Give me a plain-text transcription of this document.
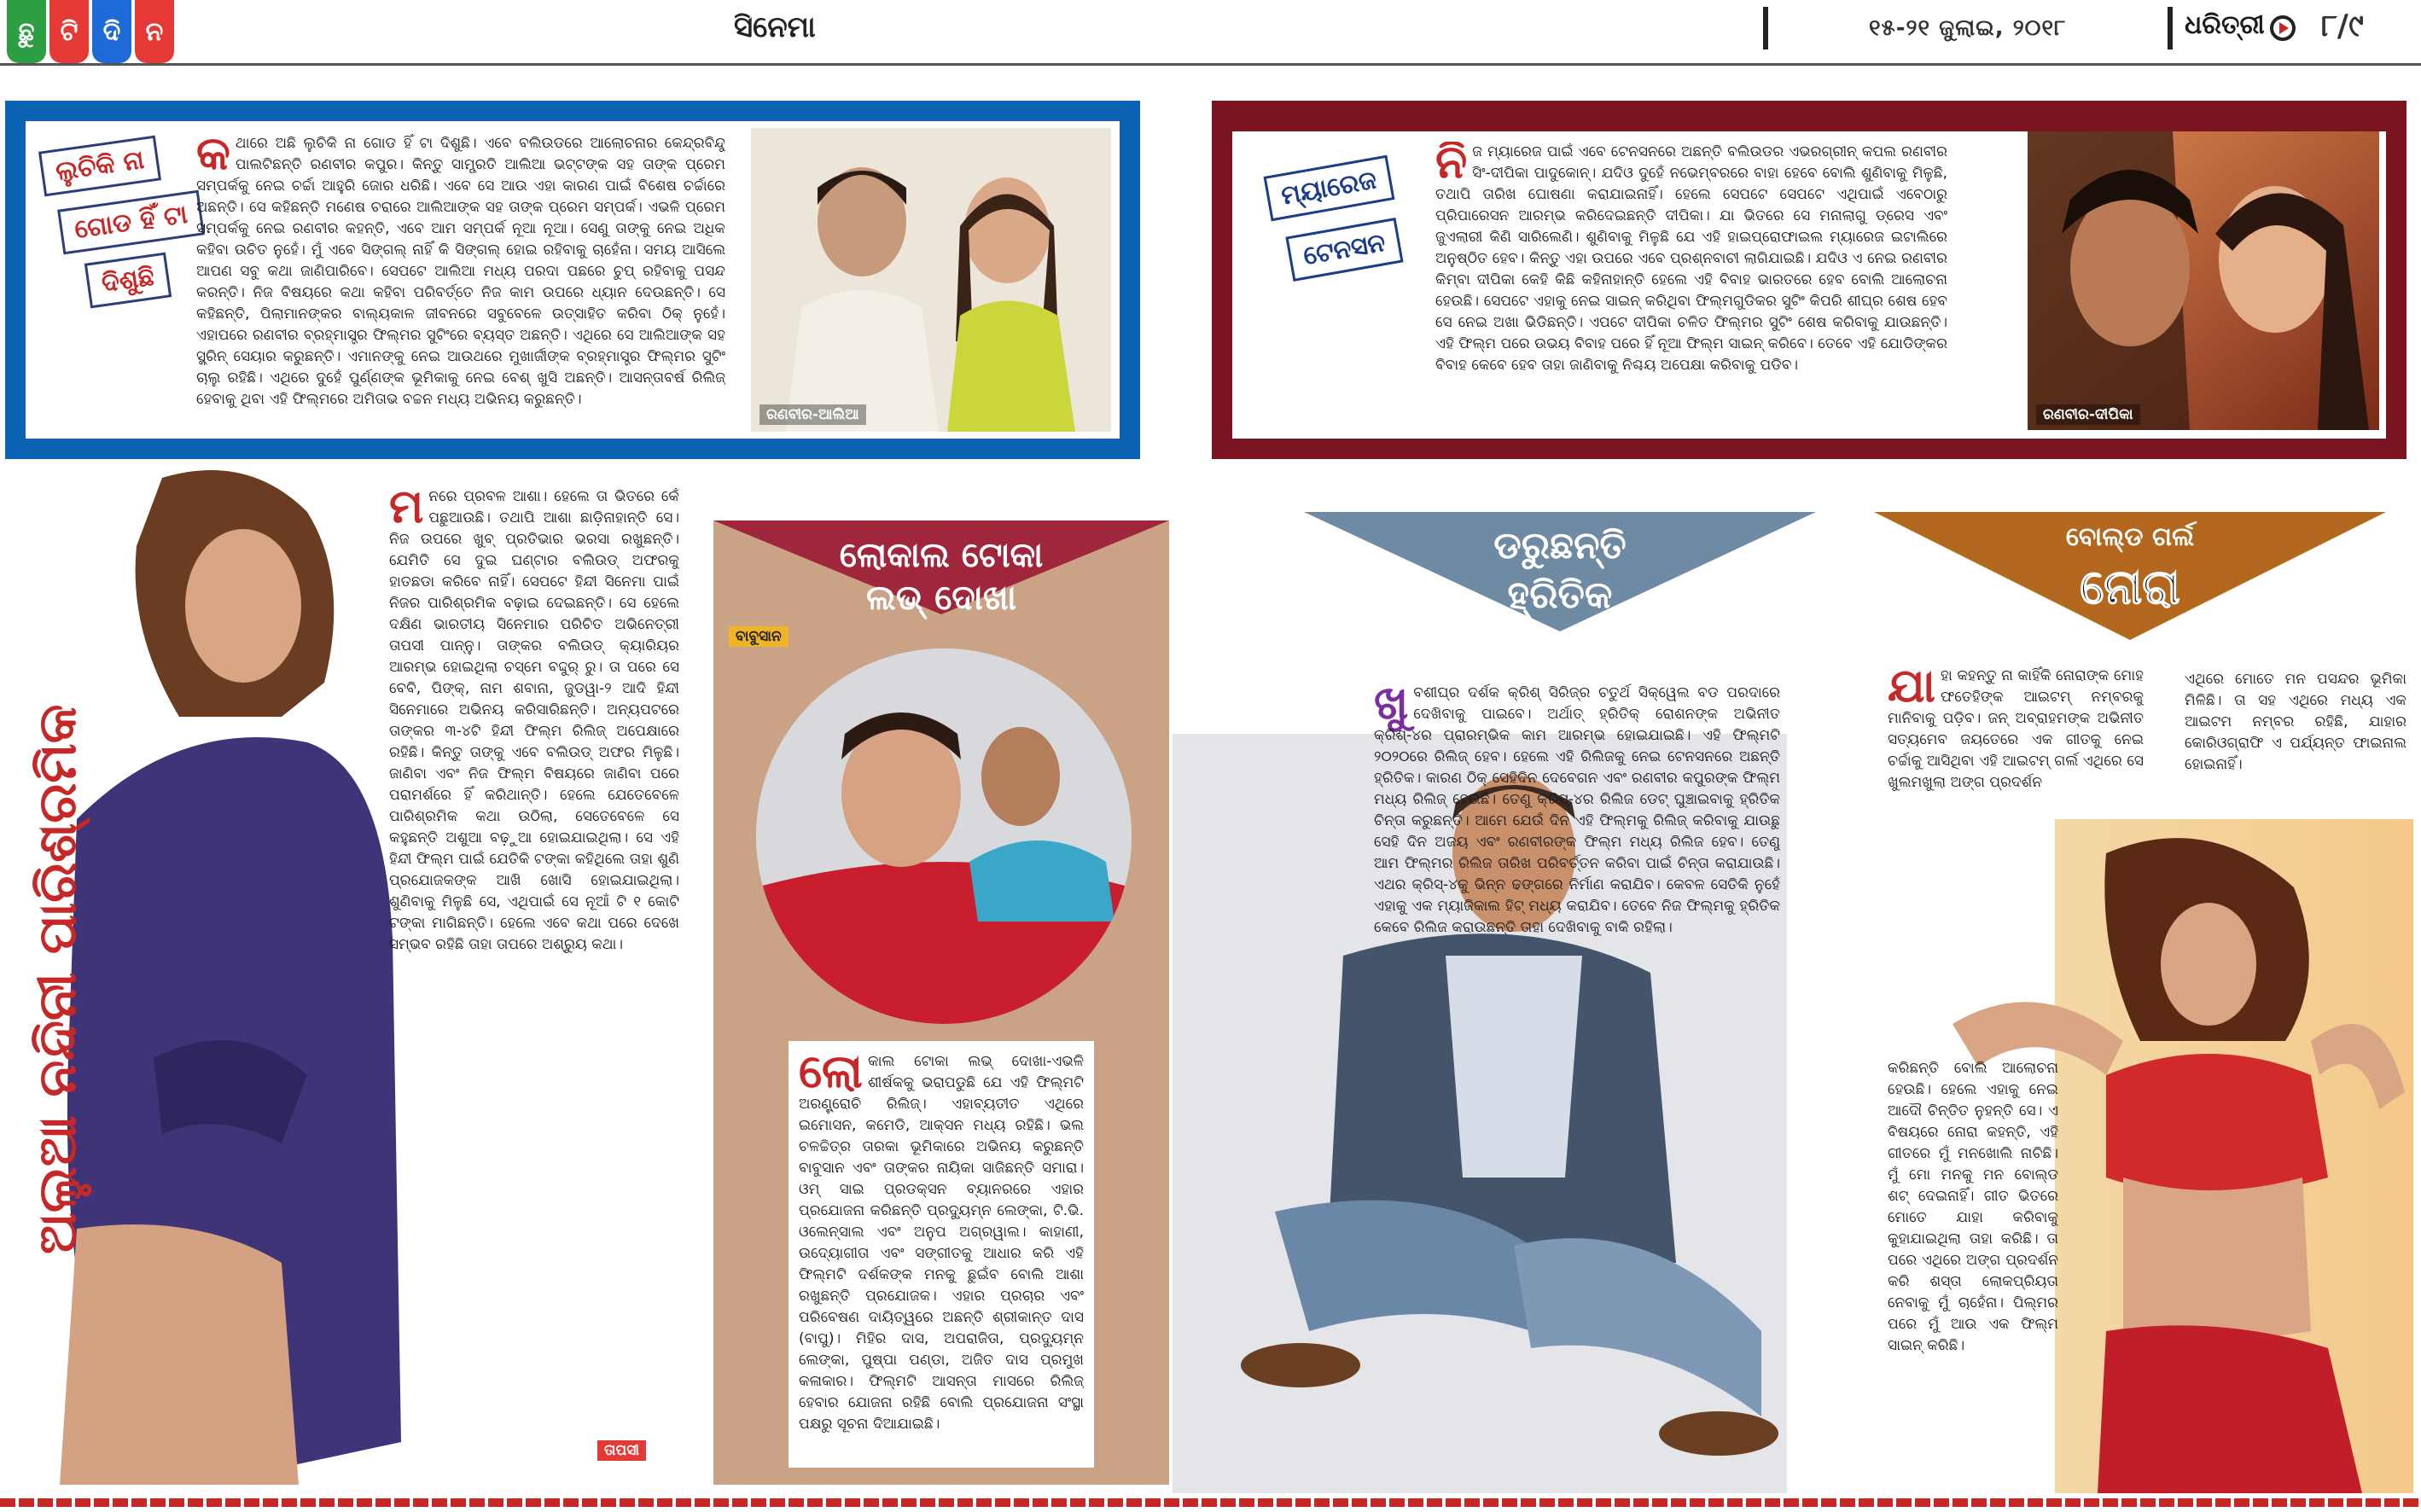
ଛୁ	ଟି ଦି ନ	ସିନେମା	୧୫-୨୧ ଜୁଲାଇ, ୨୦୧୮	ଧରିତ୍ରୀ ୮/୯
ଲୁଚିକି ନା
ଗୋଡ ହିଁ ଟା
ଦିଶୁଛି
କ ଥାରେ ଅଛି ଲୁଚିକି ନା ଗୋଡ ହିଁ ଟା ଦିଶୁଛି। ଏବେ ବଲିଉଡରେ ଆଲୋଚନାର କେନ୍ଦ୍ରବିନ୍ଦୁ ପାଲଟିଛନ୍ତି ରଣବୀର କପୁର। କିନ୍ତୁ ସାମ୍ପ୍ରତି ଆଲିଆ ଭଟ୍ଟଙ୍କ ସହ ତାଙ୍କ ପ୍ରେମ ସମ୍ପର୍କକୁ ନେଇ ଚର୍ଚ୍ଚା ଆହୁରି ଜୋର ଧରିଛି। ଏବେ ସେ ଆଉ ଏହା କାରଣ ପାଇଁ ବିଶେଷ ଚର୍ଚ୍ଚାରେ ଅଛନ୍ତି। ସେ କହିଛନ୍ତି ମଣେଷ ଚରାରେ ଆଲିଆଙ୍କ ସହ ତାଙ୍କ ପ୍ରେମ ସମ୍ପର୍କ। ଏଭଳି ପ୍ରେମ ସମ୍ପର୍କକୁ ନେଇ ରଣବୀର କହନ୍ତି, ଏବେ ଆମ ସମ୍ପର୍କ ନୂଆ ନୂଆ। ସେଣୁ ତାଙ୍କୁ ନେଇ ଅଧିକ କହିବା ଉଚିତ ନୁହେଁ। ମୁଁ ଏବେ ସିଙ୍ଗଲ୍ ନାହିଁ କି ସିଙ୍ଗଲ୍ ହୋଇ ରହିବାକୁ ଚାହେଁନା। ସମୟ ଆସିଲେ ଆପଣ ସବୁ କଥା ଜାଣିପାରିବେ। ସେପଟେ ଆଲିଆ ମଧ୍ୟ ପରଦା ପଛରେ ଚୁପ୍ ରହିବାକୁ ପସନ୍ଦ କରନ୍ତି। ନିଜ ବିଷୟରେ କଥା କହିବା ପରିବର୍ତ୍ତେ ନିଜ କାମ ଉପରେ ଧ୍ୟାନ ଦେଉଛନ୍ତି। ସେ କହିଛନ୍ତି, ପିଲାମାନଙ୍କର ବାଲ୍ୟକାଳ ଜୀବନରେ ସବୁବେଳେ ଉତ୍ସାହିତ କରିବା ଠିକ୍ ନୁହେଁ। ଏହାପରେ ରଣବୀର ବ୍ରହ୍ମାସ୍ତ୍ର ଫିଲ୍ମର ସୁଟିଂରେ ବ୍ୟସ୍ତ ଅଛନ୍ତି। ଏଥିରେ ସେ ଆଲିଆଙ୍କ ସହ ସ୍କ୍ରିନ୍ ସେୟାର କରୁଛନ୍ତି। ଏମାନଙ୍କୁ ନେଇ ଆଉଥରେ ମୁଖାର୍ଜୀଙ୍କ ବ୍ରହ୍ମାସ୍ତ୍ର ଫିଲ୍ମର ସୁଟିଂ ଚାଲୁ ରହିଛି। ଏଥିରେ ଦୁହେଁ ପୁର୍ଣ୍ଣଙ୍କ ଭୂମିକାକୁ ନେଇ ବେଶ୍ ଖୁସି ଅଛନ୍ତି। ଆସନ୍ତାବର୍ଷ ରିଲିଜ୍ ହେବାକୁ ଥିବା ଏହି ଫିଲ୍ମରେ ଅମିତାଭ ବଚ୍ଚନ ମଧ୍ୟ ଅଭିନୟ କରୁଛନ୍ତି।
ରଣବୀର-ଆଲିଆ
ମ୍ୟାରେଜ
ଟେନସନ
ନି ଜ ମ୍ୟାରେଜ ପାଇଁ ଏବେ ଟେନସନରେ ଅଛନ୍ତି ବଲିଉଡର ଏଭରଗ୍ରୀନ୍ କପଲ ରଣବୀର ସିଂ-ଦୀପିକା ପାଦୁକୋନ୍। ଯଦିଓ ଦୁହେଁ ନଭେମ୍ବରରେ ବାହା ହେବେ ବୋଲି ଶୁଣିବାକୁ ମିଳୁଛି, ତଥାପି ତାରିଖ ଘୋଷଣା କରାଯାଇନାହିଁ। ହେଲେ ସେପଟେ ସେପଟେ ଏଥିପାଇଁ ଏବେଠାରୁ ପ୍ରିପାରେସନ ଆରମ୍ଭ କରିଦେଇଛନ୍ତି ଦୀପିକା। ଯା ଭିତରେ ସେ ମନାଲାଗୁ ଡ୍ରେସ ଏବଂ ଜୁଏଲାରୀ କିଣି ସାରିଲେଣି। ଶୁଣିବାକୁ ମିଳୁଛି ଯେ ଏହି ହାଇପ୍ରୋଫାଇଲ ମ୍ୟାରେଜ ଇଟାଲିରେ ଅନୁଷ୍ଠିତ ହେବ। କିନ୍ତୁ ଏହା ଉପରେ ଏବେ ପ୍ରଶ୍ନବାଚୀ ଲାଗିଯାଇଛି। ଯଦିଓ ଏ ନେଇ ରଣବୀର କିମ୍ବା ଦୀପିକା କେହି କିଛି କହିନାହାନ୍ତି ହେଲେ ଏହି ବିବାହ ଭାରତରେ ହେବ ବୋଲି ଆଲୋଚନା ହେଉଛି। ସେପଟେ ଏହାକୁ ନେଇ ସାଇନ୍ କରିଥିବା ଫିଲ୍ମଗୁଡିକର ସୁଟିଂ କିପରି ଶୀଘ୍ର ଶେଷ ହେବ ସେ ନେଇ ଅଖା ଭିଡିଛନ୍ତି। ଏପଟେ ଦୀପିକା ଚଳିତ ଫିଲ୍ମର ସୁଟିଂ ଶେଷ କରିବାକୁ ଯାଉଛନ୍ତି। ଏହି ଫିଲ୍ମ ପରେ ଉଭୟ ବିବାହ ପରେ ହିଁ ନୂଆ ଫିଲ୍ମ ସାଇନ୍ କରିବେ। ତେବେ ଏହି ଯୋଡିଙ୍କର ବିବାହ କେବେ ହେବ ତାହା ଜାଣିବାକୁ ନିଶ୍ଚୟ ଅପେକ୍ଷା କରିବାକୁ ପଡିବ।
ରଣବୀର-ଦୀପିକା
ଅଲୁଆ ନନ୍ଦିନୀ ପାରିଶ୍ରମିକ
ମ ନରେ ପ୍ରବଳ ଆଶା। ହେଲେ ତା ଭିତରେ କେଁ ପଛୁଆଉଛି। ତଥାପି ଆଶା ଛାଡ଼ିନାହାନ୍ତି ସେ। ନିଜ ଉପରେ ଖୁବ୍ ପ୍ରତିଭାର ଭରସା ରଖୁଛନ୍ତି। ଯେମିତି ସେ ଦୁଇ ଘଣ୍ଟାର ବଲିଉଡ୍ ଅଫରକୁ ହାତଛଡା କରିବେ ନାହିଁ। ସେପଟେ ହିନ୍ଦୀ ସିନେମା ପାଇଁ ନିଜର ପାରିଶ୍ରମିକ ବଢ଼ାଇ ଦେଇଛନ୍ତି। ସେ ହେଲେ ଦକ୍ଷିଣ ଭାରତୀୟ ସିନେମାର ପରିଚିତ ଅଭିନେତ୍ରୀ ତାପସୀ ପାନ୍ନୁ। ତାଙ୍କର ବଲିଉଡ୍ କ୍ୟାରିୟର ଆରମ୍ଭ ହୋଇଥିଲା ଚସ୍ମେ ବଦ୍ଦୁର୍ ରୁ। ତା ପରେ ସେ ବେବି, ପିଙ୍କ୍, ନାମ ଶବାନା, ଜୁଡୱା-୨ ଆଦି ହିନ୍ଦୀ ସିନେମାରେ ଅଭିନୟ କରିସାରିଛନ୍ତି। ଅନ୍ୟପଟରେ ତାଙ୍କର ୩-୪ଟି ହିନ୍ଦୀ ଫିଲ୍ମ ରିଲିଜ୍ ଅପେକ୍ଷାରେ ରହିଛି। କିନ୍ତୁ ତାଙ୍କୁ ଏବେ ବଲିଉଡ୍ ଅଫର ମିଳୁଛି। ଜାଣିବା ଏବଂ ନିଜ ଫିଲ୍ମ ବିଷୟରେ ଜାଣିବା ପରେ ପରାମର୍ଶରେ ହିଁ କରିଥାନ୍ତି। ହେଲେ ଯେତେବେଳେ ପାରିଶ୍ରମିକ କଥା ଉଠିଲା, ସେତେବେଳେ ସେ କହୁଛନ୍ତି ଅଶୁଆ ବଢ଼ୁଆ ହୋଇଯାଇଥିଲା। ସେ ଏହି ହିନ୍ଦୀ ଫିଲ୍ମ ପାଇଁ ଯେତିକି ଟଙ୍କା କହିଥିଲେ ତାହା ଶୁଣି ପ୍ରଯୋଜକଙ୍କ ଆଖି ଖୋସି ହୋଇଯାଇଥିଲା। ଶୁଣିବାକୁ ମିଳୁଛି ସେ, ଏଥିପାଇଁ ସେ ନୂଆଁ ଟି ୧ କୋଟି ଟଙ୍କା ମାଗିଛନ୍ତି। ହେଲେ ଏବେ କଥା ପରେ ଦେଖେ ସମ୍ଭବ ରହିଛି ତାହା ତାପରେ ଅଶ୍ରୁୟ କଥା।
ତାପସୀ
ଲୋକାଲ ଟୋକା
ଲଭ୍ ଦୋଖା
ବାବୁସାନ
ଲୋ କାଲ ଟୋକା ଲଭ୍ ଦୋଖା-ଏଭଳି ଶୀର୍ଷକକୁ ଭରାପଡୁଛି ଯେ ଏହି ଫିଲ୍ମଟି ଅରଣ୍ଟ୍ରୋଚି ରିଲିଜ୍। ଏହାବ୍ୟତୀତ ଏଥିରେ ଇମୋସନ, କମେଡି, ଆକ୍ସନ ମଧ୍ୟ ରହିଛି। ଭଲ ଚଳଚ୍ଚିତ୍ର ତାରକା ଭୂମିକାରେ ଅଭିନୟ କରୁଛନ୍ତି ବାବୁସାନ ଏବଂ ତାଙ୍କର ନାୟିକା ସାଜିଛନ୍ତି ସମାରା। ଓମ୍ ସାଇ ପ୍ରଡକ୍ସନ ବ୍ୟାନରରେ ଏହାର ପ୍ରଯୋଜନା କରିଛନ୍ତି ପ୍ରଦ୍ୟୁମ୍ନ ଲେଙ୍କା, ଟି.ଭି. ଓଲେନ୍ସାଲ ଏବଂ ଅନୁପ ଅଗ୍ରୱାଲ। କାହାଣୀ, ଉଦ୍ୟୋଗୀତା ଏବଂ ସଙ୍ଗୀତକୁ ଆଧାର କରି ଏହି ଫିଲ୍ମଟି ଦର୍ଶକଙ୍କ ମନକୁ ଛୁଇଁବ ବୋଲି ଆଶା ରଖୁଛନ୍ତି ପ୍ରଯୋଜକ। ଏହାର ପ୍ରଚାର ଏବଂ ପରିବେଷଣ ଦାୟିତ୍ୱରେ ଅଛନ୍ତି ଶ୍ରୀକାନ୍ତ ଦାସ (ବାପୁ)। ମିହିର ଦାସ, ଅପରାଜିତା, ପ୍ରଦ୍ୟୁମ୍ନ ଲେଙ୍କା, ପୁଷ୍ପା ପଣ୍ଡା, ଅଜିତ ଦାସ ପ୍ରମୁଖ କଳାକାର। ଫିଲ୍ମଟି ଆସନ୍ତା ମାସରେ ରିଲିଜ୍ ହେବାର ଯୋଜନା ରହିଛି ବୋଲି ପ୍ରଯୋଜନା ସଂସ୍ଥା ପକ୍ଷରୁ ସୂଚନା ଦିଆଯାଇଛି।
ଡରୁଛନ୍ତି
ହ୍ରିତିକ
ଖୁ ବଶୀଘ୍ର ଦର୍ଶକ କ୍ରିଶ୍ ସିରିଜ୍ର ଚତୁର୍ଥ ସିକ୍ୱେଲ ବଡ ପରଦାରେ ଦେଖିବାକୁ ପାଇବେ। ଅର୍ଥାତ୍ ହ୍ରିତିକ୍ ରୋଶନଙ୍କ ଅଭିନୀତ କ୍ରିଶ୍-୪ର ପ୍ରାରମ୍ଭିକ କାମ ଆରମ୍ଭ ହୋଇଯାଇଛି। ଏହି ଫିଲ୍ମଟି ୨୦୨୦ରେ ରିଲିଜ୍ ହେବ। ହେଲେ ଏହି ରିଲିଜକୁ ନେଇ ଟେନସନରେ ଅଛନ୍ତି ହ୍ରିତିକ। କାରଣ ଠିକ୍ ସେହିଦିନ ଦେବେଗନ ଏବଂ ରଣବୀର କପୁରଙ୍କ ଫିଲ୍ମ ମଧ୍ୟ ରିଲିଜ୍ ହେଉଛି। ତେଣୁ କ୍ରିସ୍-୪ର ରିଲିଜ ଡେଟ୍ ଘୁଞ୍ଚାଇବାକୁ ହ୍ରିତିକ ଚିନ୍ତା କରୁଛନ୍ତି। ଆମେ ଯେଉଁ ଦିନ ଏହି ଫିଲ୍ମକୁ ରିଲିଜ୍ କରିବାକୁ ଯାଉଛୁ ସେହି ଦିନ ଅଜୟ ଏବଂ ରଣବୀରଙ୍କ ଫିଲ୍ମ ମଧ୍ୟ ରିଲିଜ ହେବ। ତେଣୁ ଆମ ଫିଲ୍ମର ରିଲିଜ ତାରିଖ ପରିବର୍ତ୍ତନ କରିବା ପାଇଁ ଚିନ୍ତା କରାଯାଉଛି। ଏଥର କ୍ରିସ୍-୪କୁ ଭିନ୍ନ ଢଙ୍ଗରେ ନିର୍ମାଣ କରାଯିବ। କେବଳ ସେତିକି ନୁହେଁ ଏହାକୁ ଏକ ମ୍ୟାଜିକାଲ ହିଟ୍ ମଧ୍ୟ କରାଯିବ। ତେବେ ନିଜ ଫିଲ୍ମକୁ ହ୍ରିତିକ କେବେ ରିଲିଜ କରାଉଛନ୍ତି ତାହା ଦେଖିବାକୁ ବାକି ରହିଲା।
ବୋଲ୍ଡ ଗର୍ଲ
ନୋରା
ଯା ହା କହନ୍ତୁ ନା କାହିଁକି ନୋରାଙ୍କ ମୋହ ଫତେହିଙ୍କ ଆଇଟମ୍ ନମ୍ବରକୁ ମାନିବାକୁ ପଡ଼ିବ। ଜନ୍ ଅବ୍ରାହମଙ୍କ ଅଭିନୀତ ସତ୍ୟମେବ ଜୟତେରେ ଏକ ଗୀତକୁ ନେଇ ଚର୍ଚ୍ଚାକୁ ଆସିଥିବା ଏହି ଆଇଟମ୍ ଗର୍ଲ ଏଥିରେ ସେ ଖୁଲମଖୁଲା ଅଙ୍ଗ ପ୍ରଦର୍ଶନ
ଏଥିରେ ମୋତେ ମନ ପସନ୍ଦର ଭୂମିକା ମିଳିଛି। ତା ସହ ଏଥିରେ ମଧ୍ୟ ଏକ ଆଇଟମ ନମ୍ବର ରହିଛି, ଯାହାର କୋରିଓଗ୍ରାଫି ଏ ପର୍ଯ୍ୟନ୍ତ ଫାଇନାଲ ହୋଇନାହିଁ।
କରିଛନ୍ତି ବୋଲି ଆଲୋଚନା ହେଉଛି। ହେଲେ ଏହାକୁ ନେଇ ଆଦୌ ଚିନ୍ତିତ ନୁହନ୍ତି ସେ। ଏ ବିଷୟରେ ନୋରା କହନ୍ତି, ଏହି ଗୀତରେ ମୁଁ ମନଖୋଲି ନାଚିଛି। ମୁଁ ମୋ ମନକୁ ମନ ବୋଲ୍ଡ ଶଟ୍ ଦେଇନାହିଁ। ଗୀତ ଭିତରେ ମୋତେ ଯାହା କରିବାକୁ କୁହାଯାଇଥିଲା ତାହା କରିଛି। ତା ପରେ ଏଥିରେ ଅଙ୍ଗ ପ୍ରଦର୍ଶନ କରି ଶସ୍ତା ଲୋକପ୍ରିୟତା ନେବାକୁ ମୁଁ ଚାହେଁନା। ପିଲ୍ମର ପରେ ମୁଁ ଆଉ ଏକ ଫିଲ୍ମ ସାଇନ୍ କରିଛି।
